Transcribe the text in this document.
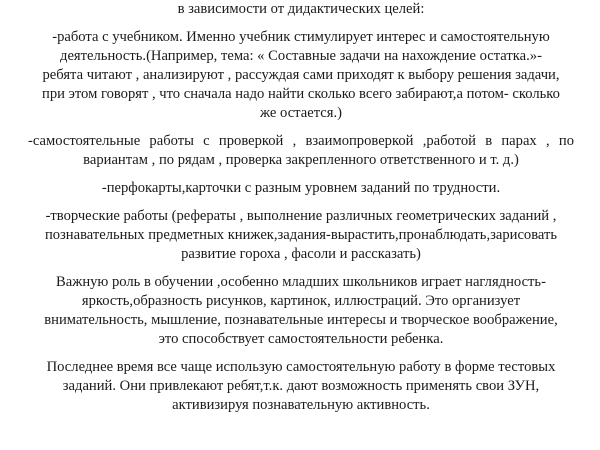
в зависимости от дидактических целей:

-работа с учебником. Именно учебник стимулирует интерес и самостоятельную
деятельность.(Например, тема: « Составные задачи на нахождение остатка.»-
ребята читают , анализируют , рассуждая сами приходят к выбору решения задачи,
при этом говорят , что сначала надо найти сколько всего забирают,а потом- сколько
же остается.)

-самостоятельные работы с проверкой , взаимопроверкой ,работой в парах , по
вариантам , по рядам , проверка закрепленного ответственного и т. д.)

-перфокарты,карточки с разным уровнем заданий по трудности.

-творческие работы (рефераты , выполнение различных геометрических заданий ,
познавательных предметных книжек,задания-вырастить,пронаблюдать,зарисовать
развитие гороха , фасоли и рассказать)

Важную роль в обучении ,особенно младших школьников играет наглядность-
яркость,образность рисунков, картинок, иллюстраций. Это организует
внимательность, мышление, познавательные интересы и творческое воображение,
это способствует самостоятельности ребенка.

Последнее время все чаще использую самостоятельную работу в форме тестовых
заданий. Они привлекают ребят,т.к. дают возможность применять свои ЗУН,
активизируя познавательную активность.
